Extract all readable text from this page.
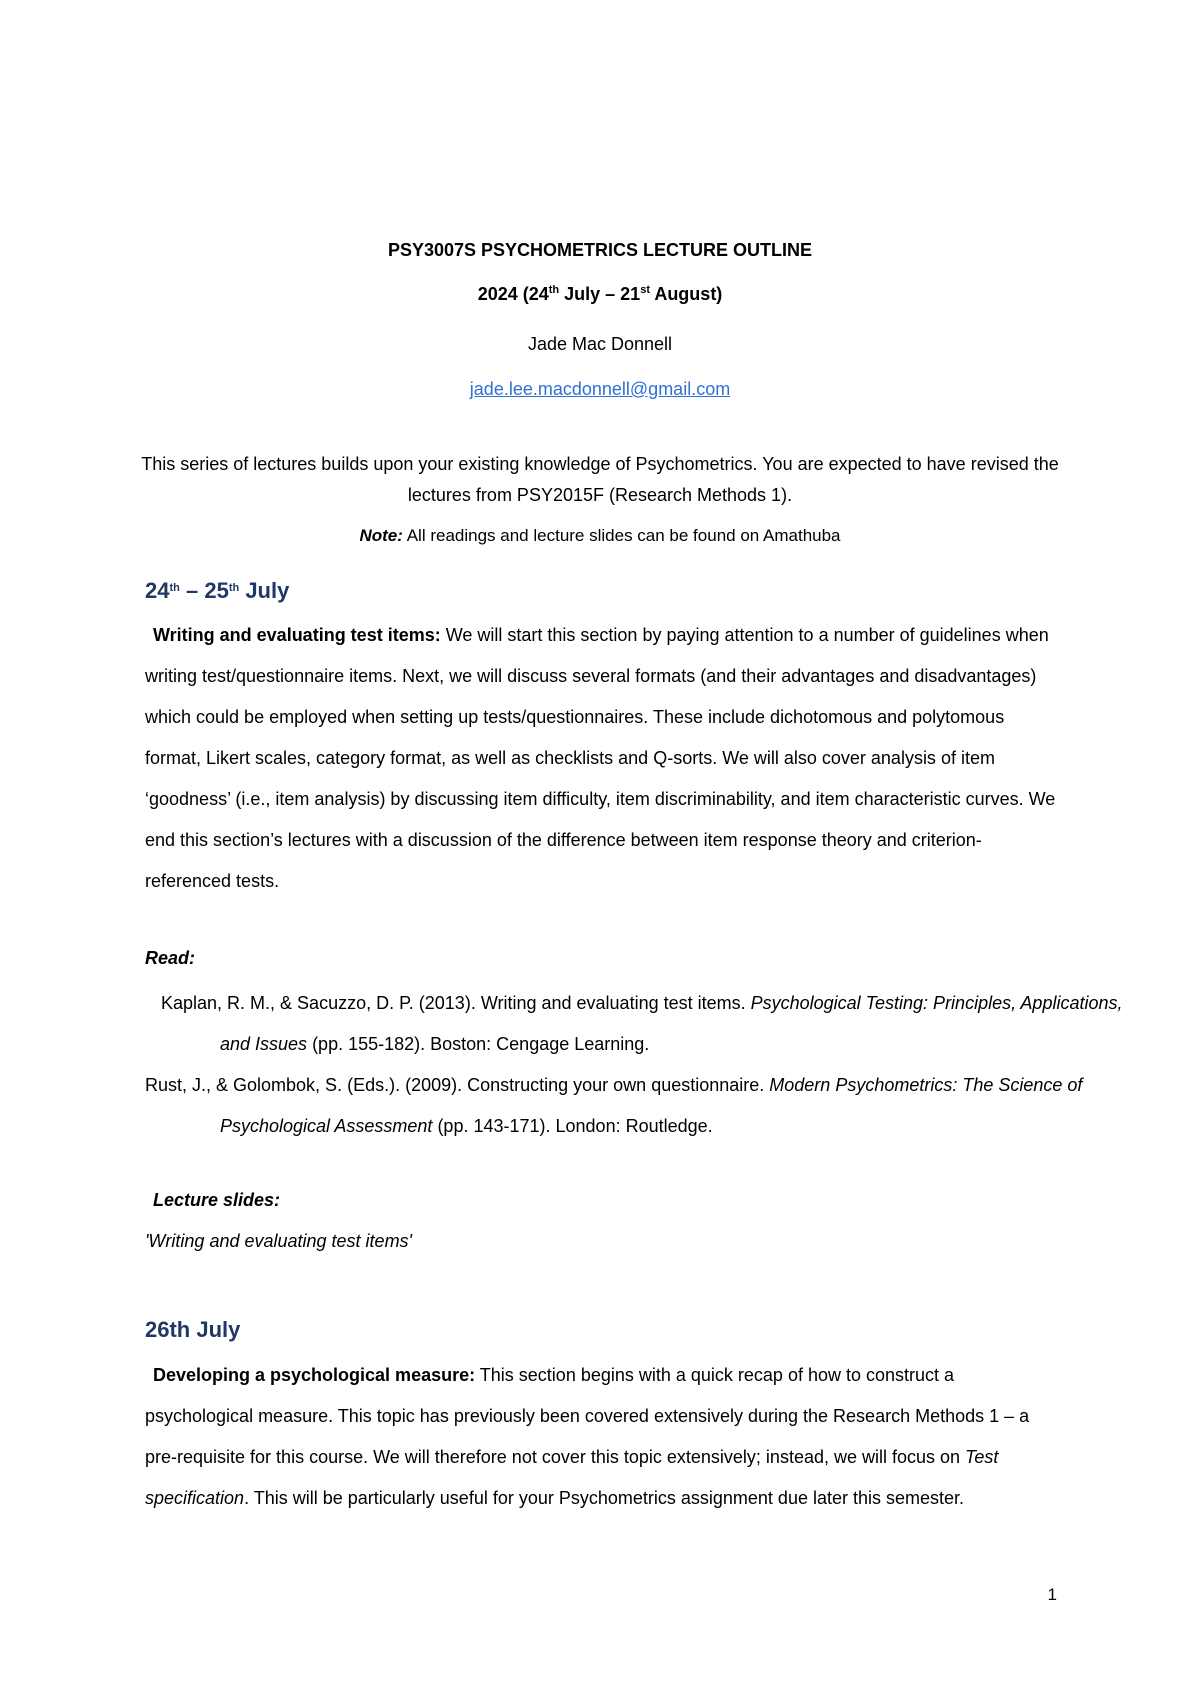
PSY3007S PSYCHOMETRICS LECTURE OUTLINE
2024 (24th July – 21st August)
Jade Mac Donnell
jade.lee.macdonnell@gmail.com
This series of lectures builds upon your existing knowledge of Psychometrics. You are expected to have revised the lectures from PSY2015F (Research Methods 1).
Note: All readings and lecture slides can be found on Amathuba
24th – 25th July
Writing and evaluating test items: We will start this section by paying attention to a number of guidelines when writing test/questionnaire items. Next, we will discuss several formats (and their advantages and disadvantages) which could be employed when setting up tests/questionnaires. These include dichotomous and polytomous format, Likert scales, category format, as well as checklists and Q-sorts. We will also cover analysis of item ‘goodness’ (i.e., item analysis) by discussing item difficulty, item discriminability, and item characteristic curves. We end this section’s lectures with a discussion of the difference between item response theory and criterion-referenced tests.
Read:
Kaplan, R. M., & Sacuzzo, D. P. (2013). Writing and evaluating test items. Psychological Testing: Principles, Applications, and Issues (pp. 155-182). Boston: Cengage Learning.
Rust, J., & Golombok, S. (Eds.). (2009). Constructing your own questionnaire. Modern Psychometrics: The Science of Psychological Assessment (pp. 143-171). London: Routledge.
Lecture slides:
'Writing and evaluating test items'
26th July
Developing a psychological measure: This section begins with a quick recap of how to construct a psychological measure. This topic has previously been covered extensively during the Research Methods 1 – a pre-requisite for this course. We will therefore not cover this topic extensively; instead, we will focus on Test specification. This will be particularly useful for your Psychometrics assignment due later this semester.
1
